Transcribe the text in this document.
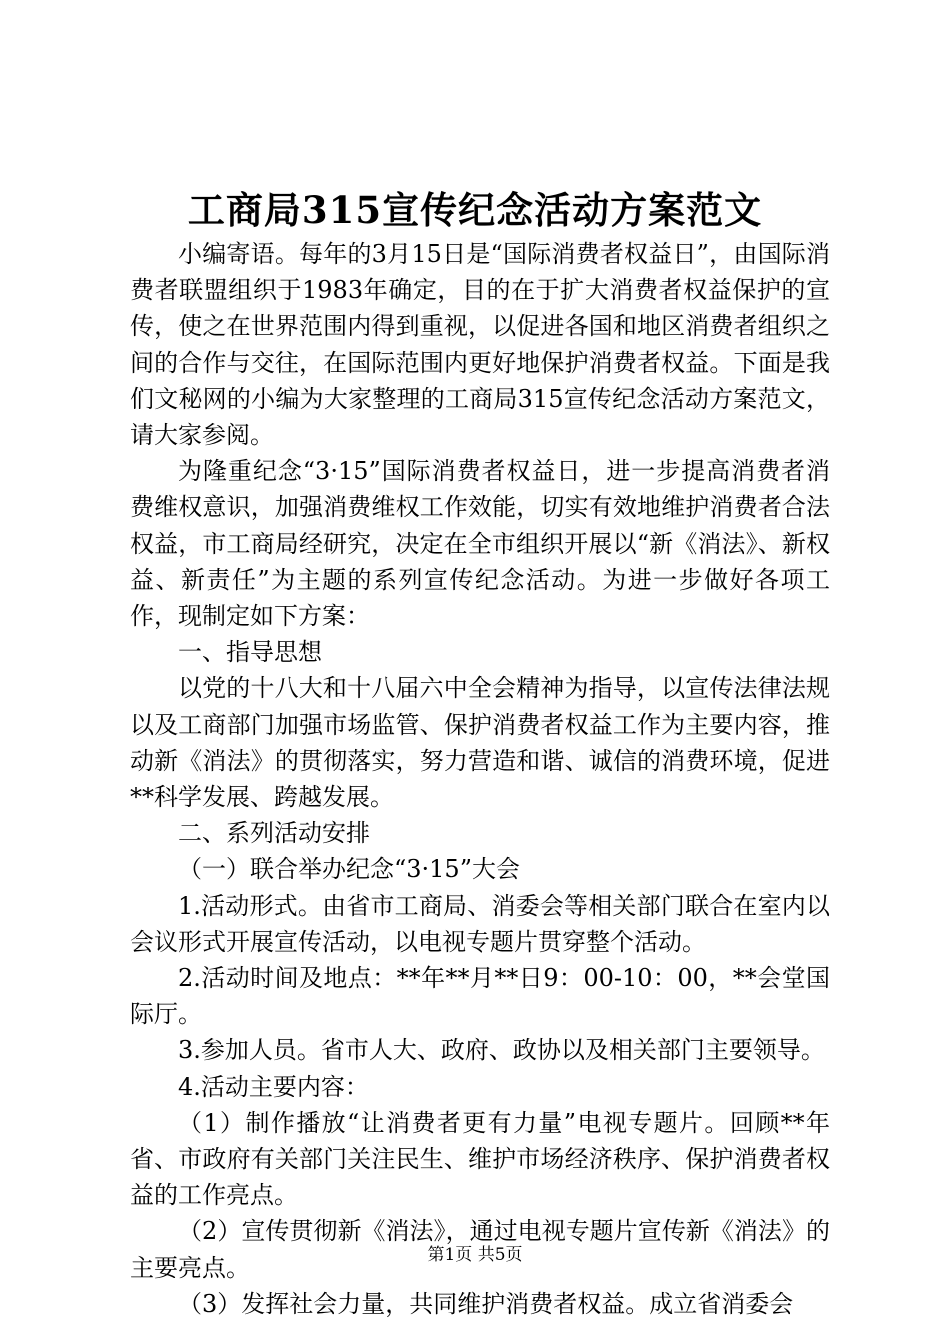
工商局315宣传纪念活动方案范文

小编寄语。每年的3月15日是“国际消费者权益日”，由国际消费者联盟组织于1983年确定，目的在于扩大消费者权益保护的宣传，使之在世界范围内得到重视，以促进各国和地区消费者组织之间的合作与交往，在国际范围内更好地保护消费者权益。下面是我们文秘网的小编为大家整理的工商局315宣传纪念活动方案范文，请大家参阅。

为隆重纪念“3·15”国际消费者权益日，进一步提高消费者消费维权意识，加强消费维权工作效能，切实有效地维护消费者合法权益，市工商局经研究，决定在全市组织开展以“新《消法》、新权益、新责任”为主题的系列宣传纪念活动。为进一步做好各项工作，现制定如下方案：

一、指导思想

以党的十八大和十八届六中全会精神为指导，以宣传法律法规以及工商部门加强市场监管、保护消费者权益工作为主要内容，推动新《消法》的贯彻落实，努力营造和谐、诚信的消费环境，促进**科学发展、跨越发展。

二、系列活动安排

（一）联合举办纪念“3·15”大会

1.活动形式。由省市工商局、消委会等相关部门联合在室内以会议形式开展宣传活动，以电视专题片贯穿整个活动。

2.活动时间及地点：**年**月**日9：00-10：00，**会堂国际厅。

3.参加人员。省市人大、政府、政协以及相关部门主要领导。

4.活动主要内容：

（1）制作播放“让消费者更有力量”电视专题片。回顾**年省、市政府有关部门关注民生、维护市场经济秩序、保护消费者权益的工作亮点。

（2）宣传贯彻新《消法》，通过电视专题片宣传新《消法》的主要亮点。

（3）发挥社会力量，共同维护消费者权益。成立省消委会

第1页 共5页
